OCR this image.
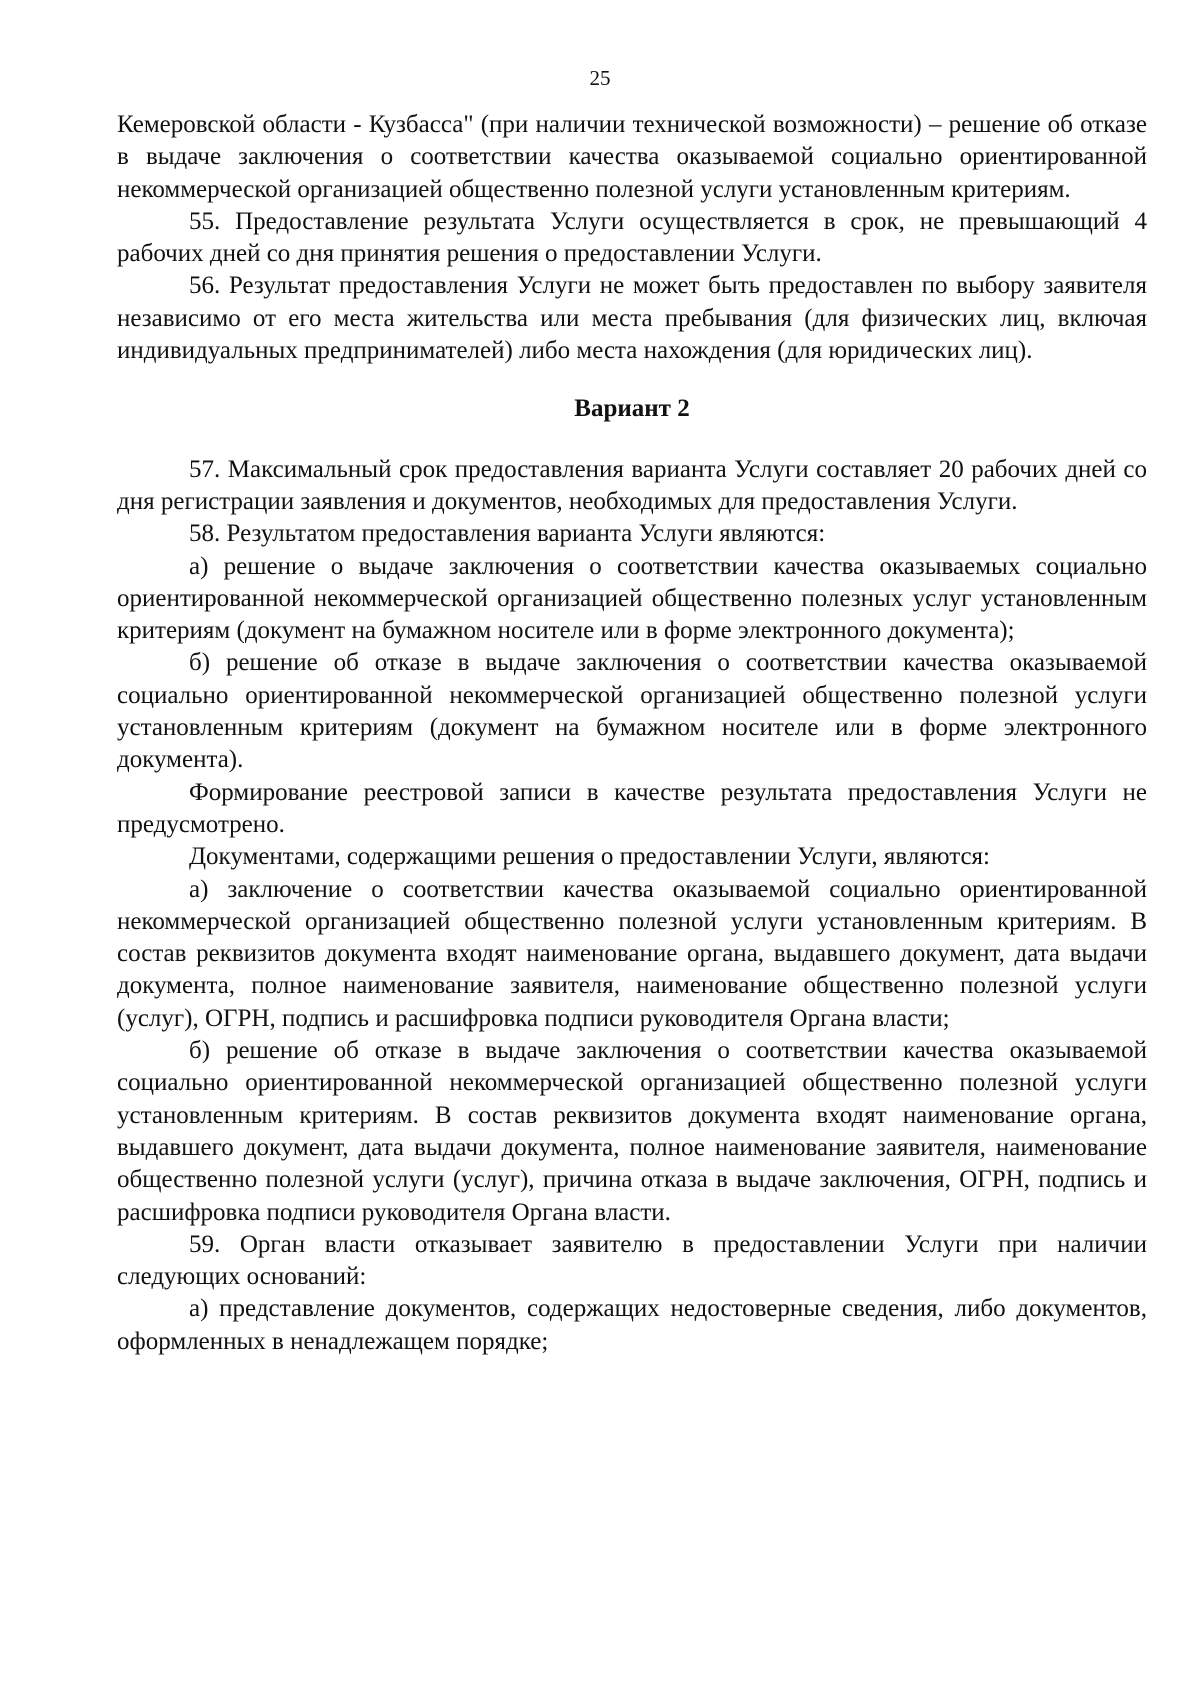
25

Кемеровской области - Кузбасса" (при наличии технической возможности) – решение об отказе в выдаче заключения о соответствии качества оказываемой социально ориентированной некоммерческой организацией общественно полезной услуги установленным критериям.

55. Предоставление результата Услуги осуществляется в срок, не превышающий 4 рабочих дней со дня принятия решения о предоставлении Услуги.

56. Результат предоставления Услуги не может быть предоставлен по выбору заявителя независимо от его места жительства или места пребывания (для физических лиц, включая индивидуальных предпринимателей) либо места нахождения (для юридических лиц).

Вариант 2

57. Максимальный срок предоставления варианта Услуги составляет 20 рабочих дней со дня регистрации заявления и документов, необходимых для предоставления Услуги.

58. Результатом предоставления варианта Услуги являются:

а) решение о выдаче заключения о соответствии качества оказываемых социально ориентированной некоммерческой организацией общественно полезных услуг установленным критериям (документ на бумажном носителе или в форме электронного документа);

б) решение об отказе в выдаче заключения о соответствии качества оказываемой социально ориентированной некоммерческой организацией общественно полезной услуги установленным критериям (документ на бумажном носителе или в форме электронного документа).

Формирование реестровой записи в качестве результата предоставления Услуги не предусмотрено.

Документами, содержащими решения о предоставлении Услуги, являются:

а) заключение о соответствии качества оказываемой социально ориентированной некоммерческой организацией общественно полезной услуги установленным критериям. В состав реквизитов документа входят наименование органа, выдавшего документ, дата выдачи документа, полное наименование заявителя, наименование общественно полезной услуги (услуг), ОГРН, подпись и расшифровка подписи руководителя Органа власти;

б) решение об отказе в выдаче заключения о соответствии качества оказываемой социально ориентированной некоммерческой организацией общественно полезной услуги установленным критериям. В состав реквизитов документа входят наименование органа, выдавшего документ, дата выдачи документа, полное наименование заявителя, наименование общественно полезной услуги (услуг), причина отказа в выдаче заключения, ОГРН, подпись и расшифровка подписи руководителя Органа власти.

59. Орган власти отказывает заявителю в предоставлении Услуги при наличии следующих оснований:

а) представление документов, содержащих недостоверные сведения, либо документов, оформленных в ненадлежащем порядке;
